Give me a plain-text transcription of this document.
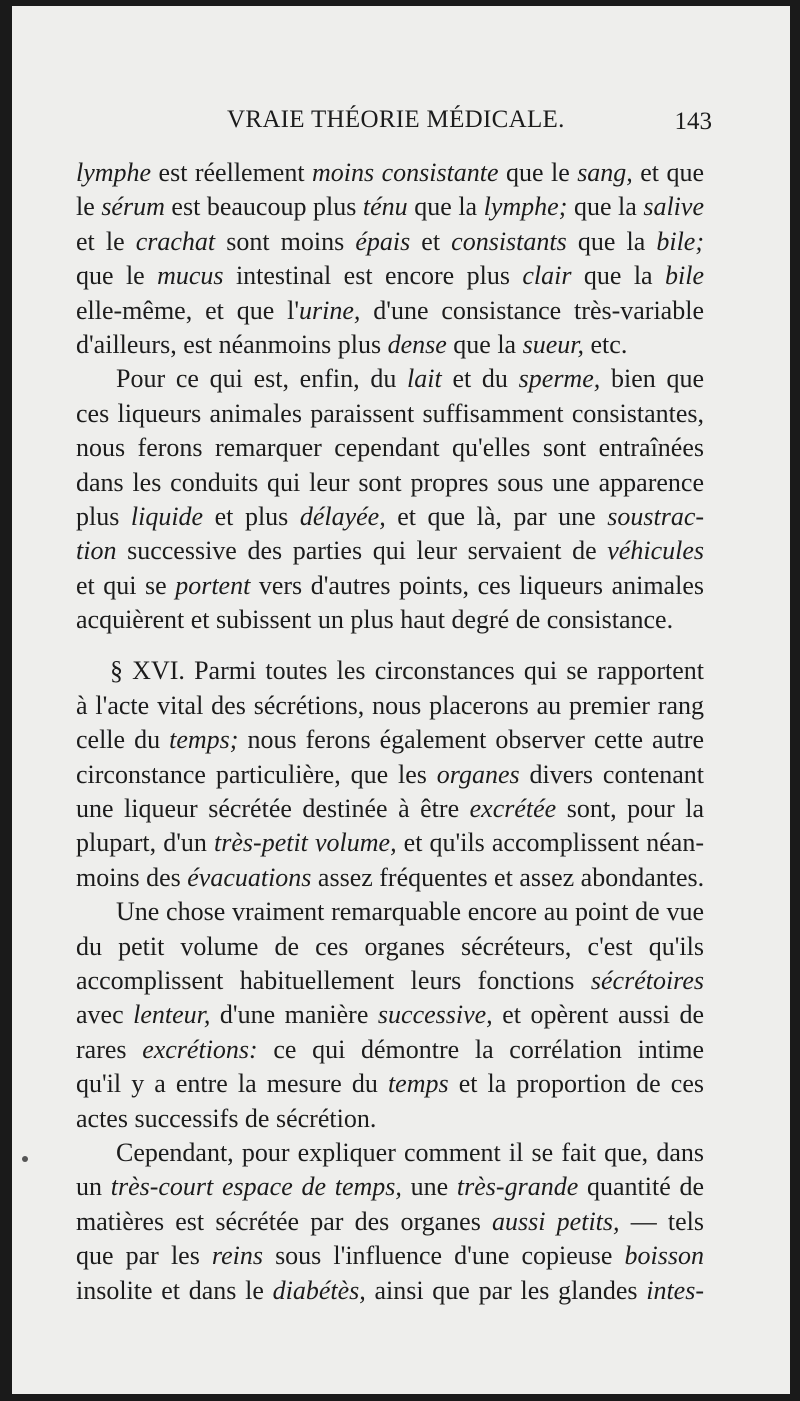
VRAIE THÉORIE MÉDICALE.	143
lymphe est réellement moins consistante que le sang, et que
le sérum est beaucoup plus ténu que la lymphe; que la salive
et le crachat sont moins épais et consistants que la bile;
que le mucus intestinal est encore plus clair que la bile
elle-même, et que l'urine, d'une consistance très-variable
d'ailleurs, est néanmoins plus dense que la sueur, etc.
Pour ce qui est, enfin, du lait et du sperme, bien que
ces liqueurs animales paraissent suffisamment consistantes,
nous ferons remarquer cependant qu'elles sont entraînées
dans les conduits qui leur sont propres sous une apparence
plus liquide et plus délayée, et que là, par une soustrac-
tion successive des parties qui leur servaient de véhicules
et qui se portent vers d'autres points, ces liqueurs animales
acquièrent et subissent un plus haut degré de consistance.
§ XVI. Parmi toutes les circonstances qui se rapportent
à l'acte vital des sécrétions, nous placerons au premier rang
celle du temps; nous ferons également observer cette autre
circonstance particulière, que les organes divers contenant
une liqueur sécrétée destinée à être excrétée sont, pour la
plupart, d'un très-petit volume, et qu'ils accomplissent néan-
moins des évacuations assez fréquentes et assez abondantes.
Une chose vraiment remarquable encore au point de vue
du petit volume de ces organes sécréteurs, c'est qu'ils
accomplissent habituellement leurs fonctions sécrétoires
avec lenteur, d'une manière successive, et opèrent aussi de
rares excrétions: ce qui démontre la corrélation intime
qu'il y a entre la mesure du temps et la proportion de ces
actes successifs de sécrétion.
Cependant, pour expliquer comment il se fait que, dans
un très-court espace de temps, une très-grande quantité de
matières est sécrétée par des organes aussi petits, — tels
que par les reins sous l'influence d'une copieuse boisson
insolite et dans le diabétès, ainsi que par les glandes intes-
